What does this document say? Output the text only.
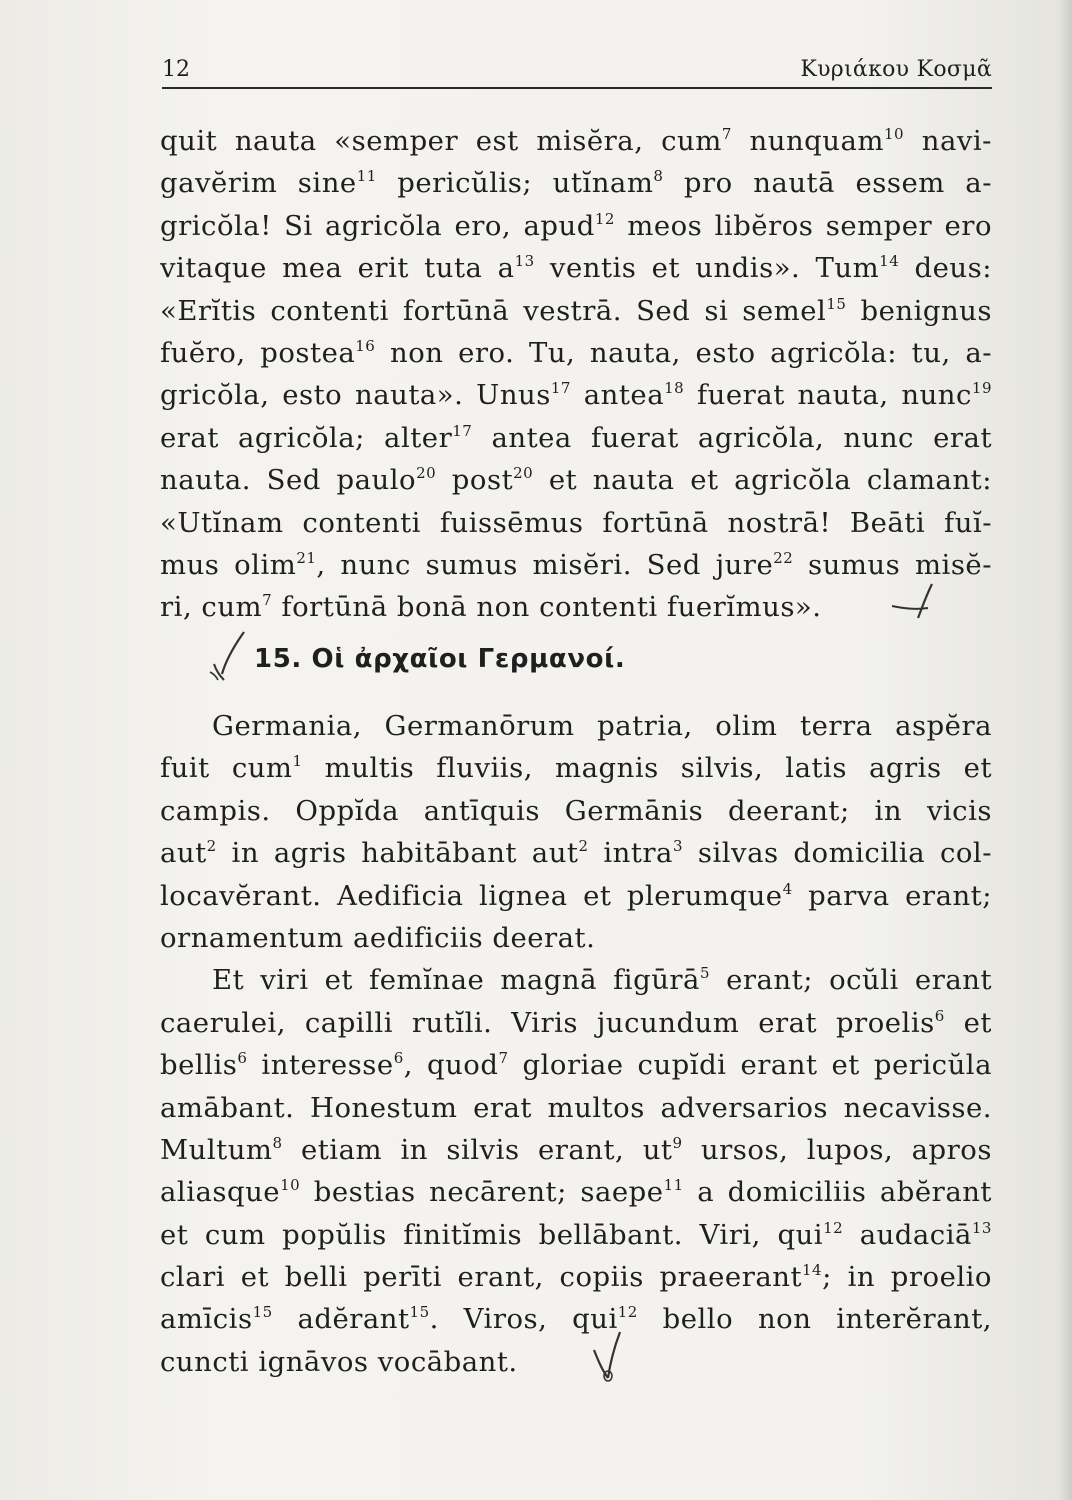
12	Κυριάκου Κοσμᾶ
quit nauta «semper est misĕra, cum$^7$ nunquam$^{10}$ navi-
gavĕrim sine$^{11}$ pericŭlis; utĭnam$^8$ pro nautā essem a-
gricŏla! Si agricŏla ero, apud$^{12}$ meos libĕros semper ero
vitaque mea erit tuta $a^{13}$ ventis et undis». Tum$^{14}$ deus:
«Erĭtis contenti fortūnā vestrā. Sed si semel$^{15}$ benignus
fuĕro, postea$^{16}$ non ero. Tu, nauta, esto agricŏla: tu, a-
gricŏla, esto nauta». Unus$^{17}$ antea$^{18}$ fuerat nauta, nunc$^{19}$
erat agricŏla; alter$^{17}$ antea fuerat agricŏla, nunc erat
nauta. Sed paulo$^{20}$ post$^{20}$ et nauta et agricŏla clamant:
«Utĭnam contenti fuissēmus fortūnā nostrā! Beāti fuĭ-
mus olim$^{21}$, nunc sumus misĕri. Sed jure$^{22}$ sumus misĕ-
ri, cum$^7$ fortūnā bonā non contenti fuerĭmus».
15. Οἱ ἀρχαῖοι Γερμανοί.
Germania, Germanōrum patria, olim terra aspĕra
fuit cum$^1$ multis fluviis, magnis silvis, latis agris et
campis. Oppĭda antīquis Germānis deerant; in vicis
aut$^2$ in agris habitābant aut$^2$ intra$^3$ silvas domicilia col-
locavĕrant. Aedificia lignea et plerumque$^4$ parva erant;
ornamentum aedificiis deerat.
Et viri et femĭnae magnā figūrā$^5$ erant; ocŭli erant
caerulei, capilli rutĭli. Viris jucundum erat proelis$^6$ et
bellis$^6$ interesse$^6$, quod$^7$ gloriae cupĭdi erant et pericŭla
amābant. Honestum erat multos adversarios necavisse.
Multum$^8$ etiam in silvis erant, $ut^9$ ursos, lupos, apros
aliasque$^{10}$ bestias necārent; saepe$^{11}$ a domiciliis abĕrant
et cum popŭlis finitĭmis bellābant. Viri, qui$^{12}$ audaciā$^{13}$
clari et belli perīti erant, copiis praeerant$^{14}$; in proelio
amīcis$^{15}$ adĕrant$^{15}$. Viros, qui$^{12}$ bello non interĕrant,
cuncti ignāvos vocābant.
